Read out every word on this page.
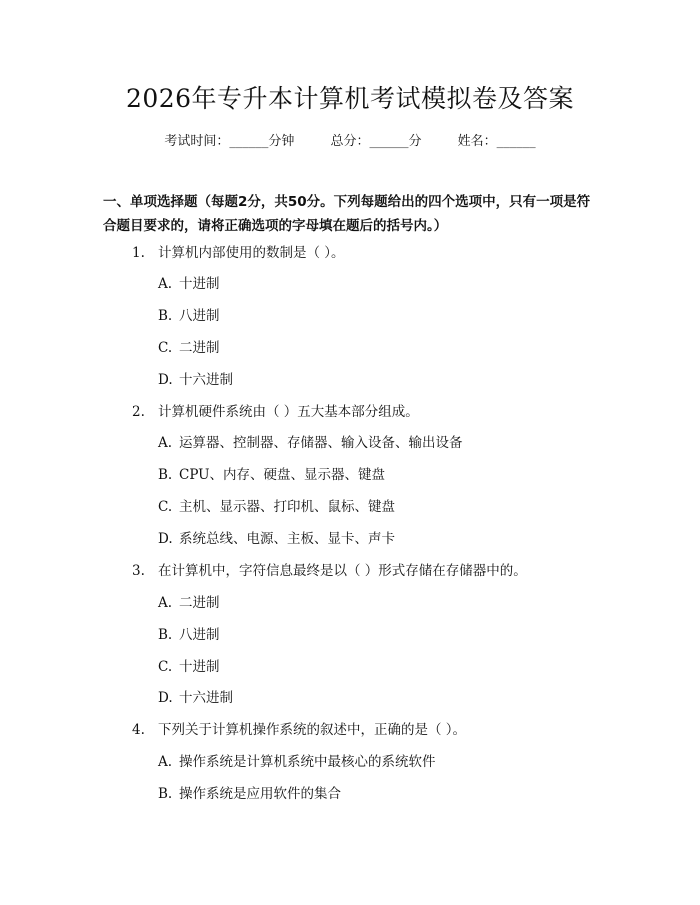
2026年专升本计算机考试模拟卷及答案
考试时间：______分钟	总分：______分	姓名：______
一、单项选择题（每题2分，共50分。下列每题给出的四个选项中，只有一项是符合题目要求的，请将正确选项的字母填在题后的括号内。）
1. 计算机内部使用的数制是（ ）。
A. 十进制
B. 八进制
C. 二进制
D. 十六进制
2. 计算机硬件系统由（ ）五大基本部分组成。
A. 运算器、控制器、存储器、输入设备、输出设备
B. CPU、内存、硬盘、显示器、键盘
C. 主机、显示器、打印机、鼠标、键盘
D. 系统总线、电源、主板、显卡、声卡
3. 在计算机中，字符信息最终是以（ ）形式存储在存储器中的。
A. 二进制
B. 八进制
C. 十进制
D. 十六进制
4. 下列关于计算机操作系统的叙述中，正确的是（ ）。
A. 操作系统是计算机系统中最核心的系统软件
B. 操作系统是应用软件的集合
